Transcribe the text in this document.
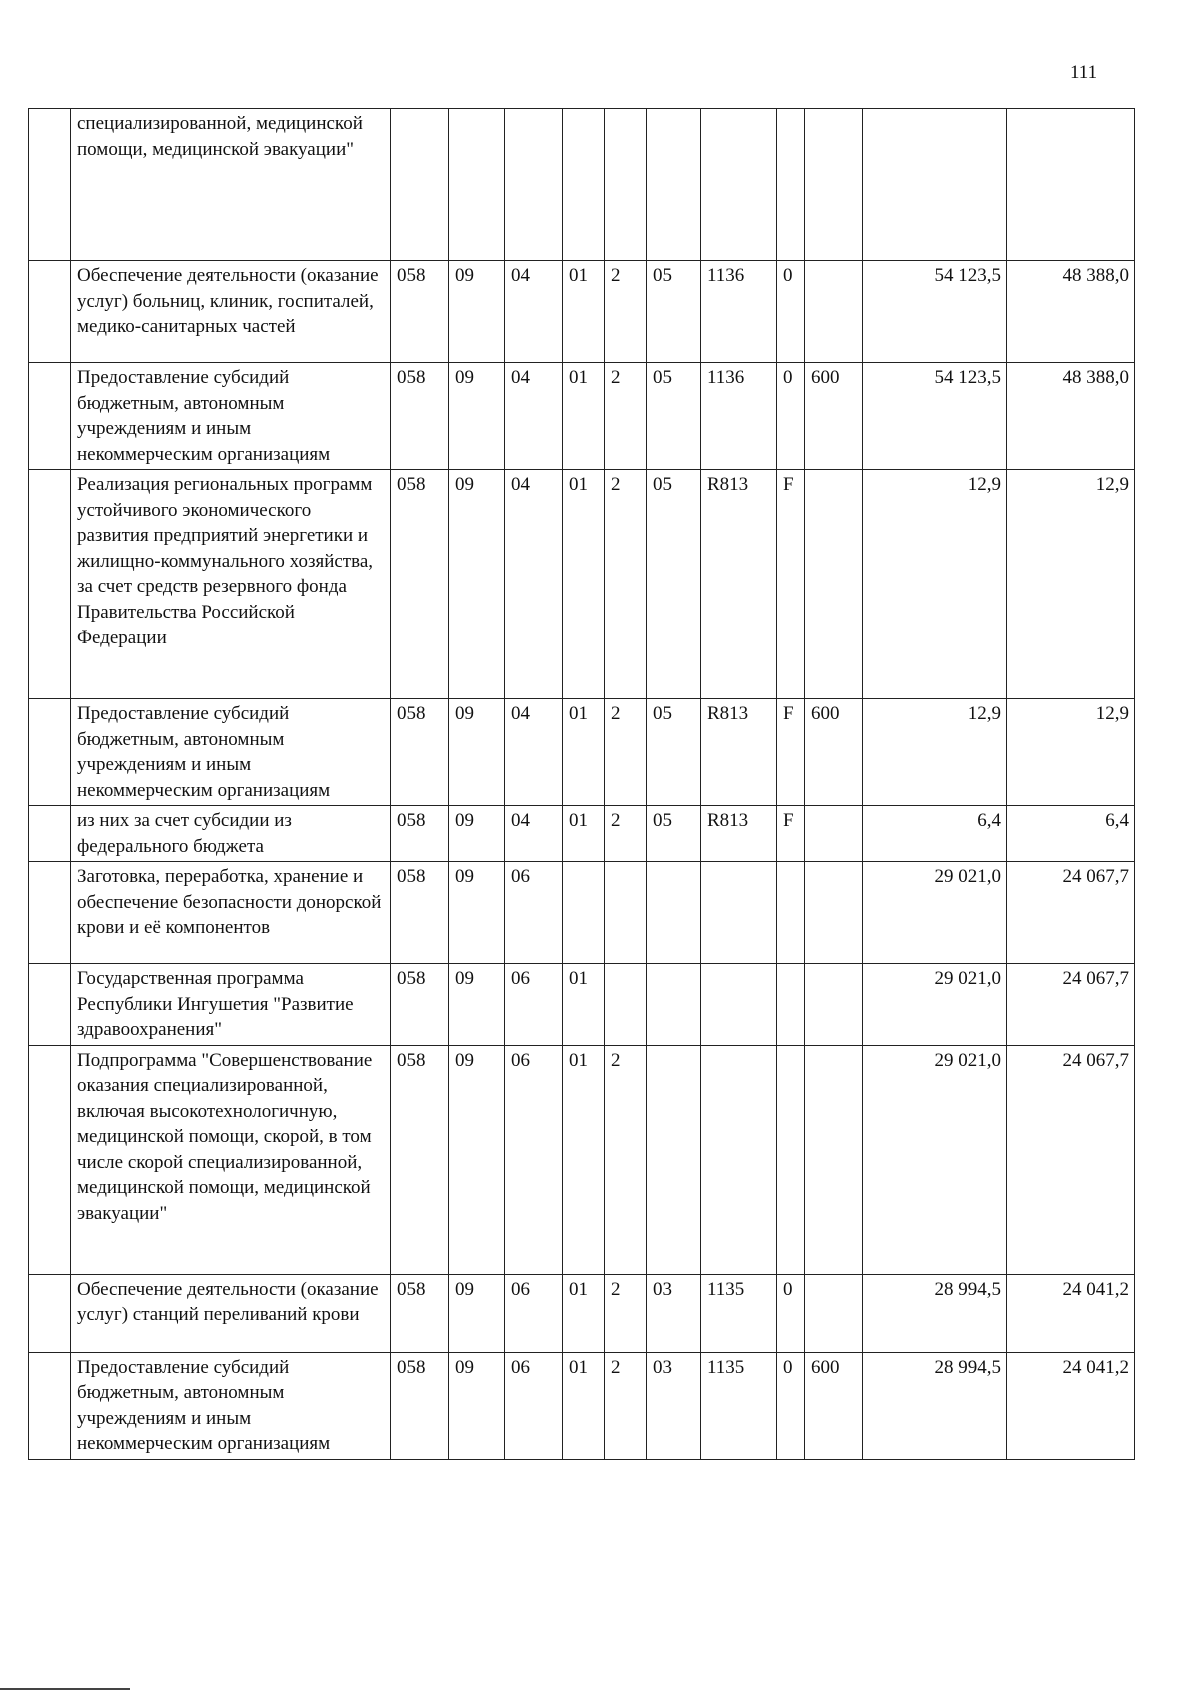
111
	специализированной, медицинской помощи, медицинской эвакуации"											
	Обеспечение деятельности (оказание услуг) больниц, клиник, госпиталей, медико-санитарных частей	058	09	04	01	2	05	1136	0		54 123,5	48 388,0
	Предоставление субсидий бюджетным, автономным учреждениям и иным некоммерческим организациям	058	09	04	01	2	05	1136	0	600	54 123,5	48 388,0
	Реализация региональных программ устойчивого экономического развития предприятий энергетики и жилищно-коммунального хозяйства, за счет средств резервного фонда Правительства Российской Федерации	058	09	04	01	2	05	R813	F		12,9	12,9
	Предоставление субсидий бюджетным, автономным учреждениям и иным некоммерческим организациям	058	09	04	01	2	05	R813	F	600	12,9	12,9
	из них за счет субсидии из федерального бюджета	058	09	04	01	2	05	R813	F		6,4	6,4
	Заготовка, переработка, хранение и обеспечение безопасности донорской крови и её компонентов	058	09	06							29 021,0	24 067,7
	Государственная программа Республики Ингушетия "Развитие здравоохранения"	058	09	06	01						29 021,0	24 067,7
	Подпрограмма "Совершенствование оказания специализированной, включая высокотехнологичную, медицинской помощи, скорой, в том числе скорой специализированной, медицинской помощи, медицинской эвакуации"	058	09	06	01	2					29 021,0	24 067,7
	Обеспечение деятельности (оказание услуг) станций переливаний крови	058	09	06	01	2	03	1135	0		28 994,5	24 041,2
	Предоставление субсидий бюджетным, автономным учреждениям и иным некоммерческим организациям	058	09	06	01	2	03	1135	0	600	28 994,5	24 041,2
